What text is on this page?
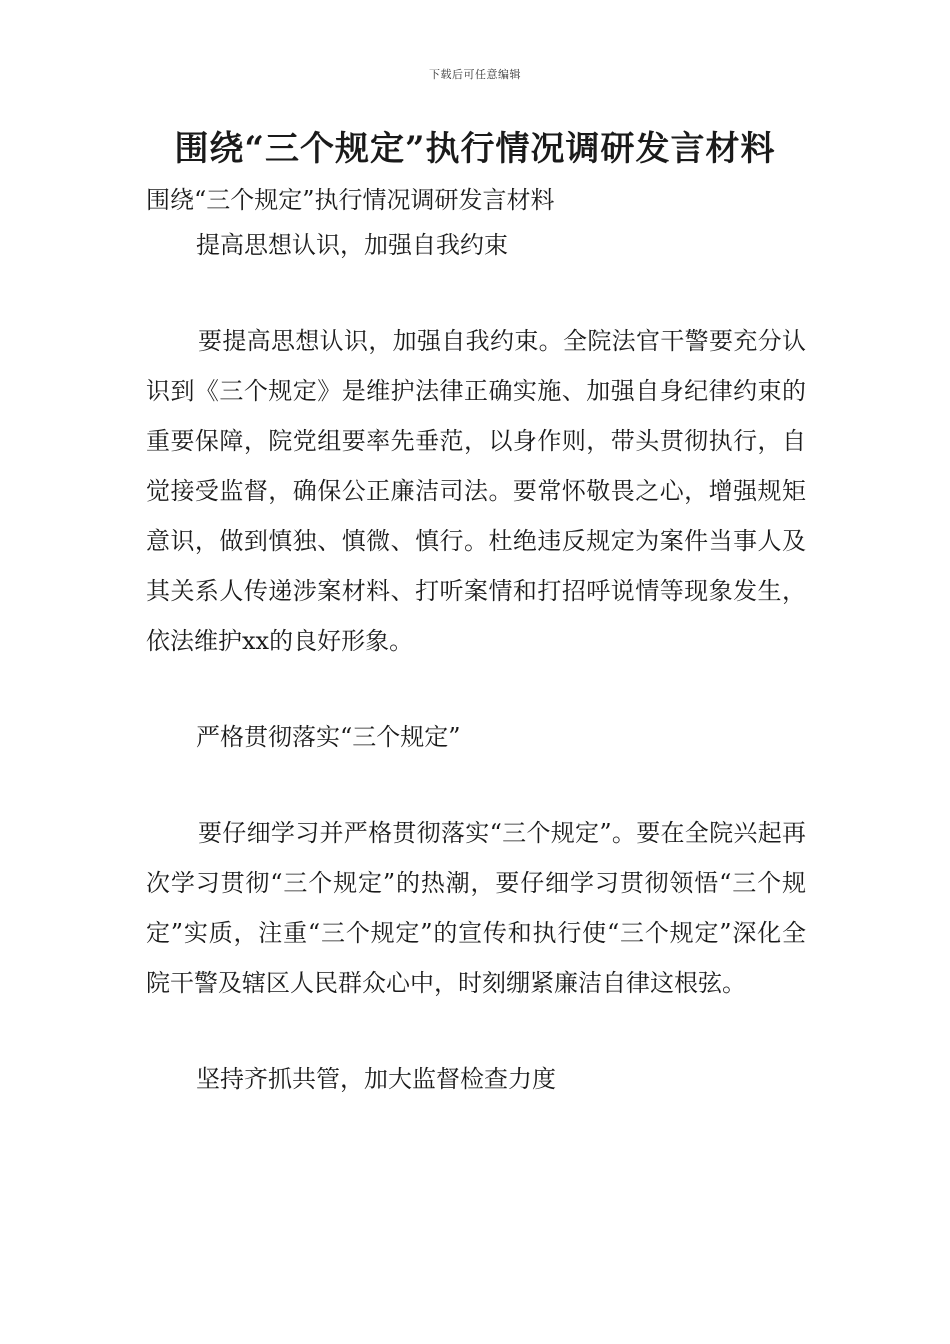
下载后可任意编辑
围绕“三个规定”执行情况调研发言材料

围绕“三个规定”执行情况调研发言材料

提高思想认识，加强自我约束

要提高思想认识，加强自我约束。全院法官干警要充分认识到《三个规定》是维护法律正确实施、加强自身纪律约束的重要保障，院党组要率先垂范，以身作则，带头贯彻执行，自觉接受监督，确保公正廉洁司法。要常怀敬畏之心，增强规矩意识，做到慎独、慎微、慎行。杜绝违反规定为案件当事人及其关系人传递涉案材料、打听案情和打招呼说情等现象发生，依法维护xx的良好形象。

严格贯彻落实“三个规定”

要仔细学习并严格贯彻落实“三个规定”。要在全院兴起再次学习贯彻“三个规定”的热潮，要仔细学习贯彻领悟“三个规定”实质，注重“三个规定”的宣传和执行使“三个规定”深化全院干警及辖区人民群众心中，时刻绷紧廉洁自律这根弦。

坚持齐抓共管，加大监督检查力度
